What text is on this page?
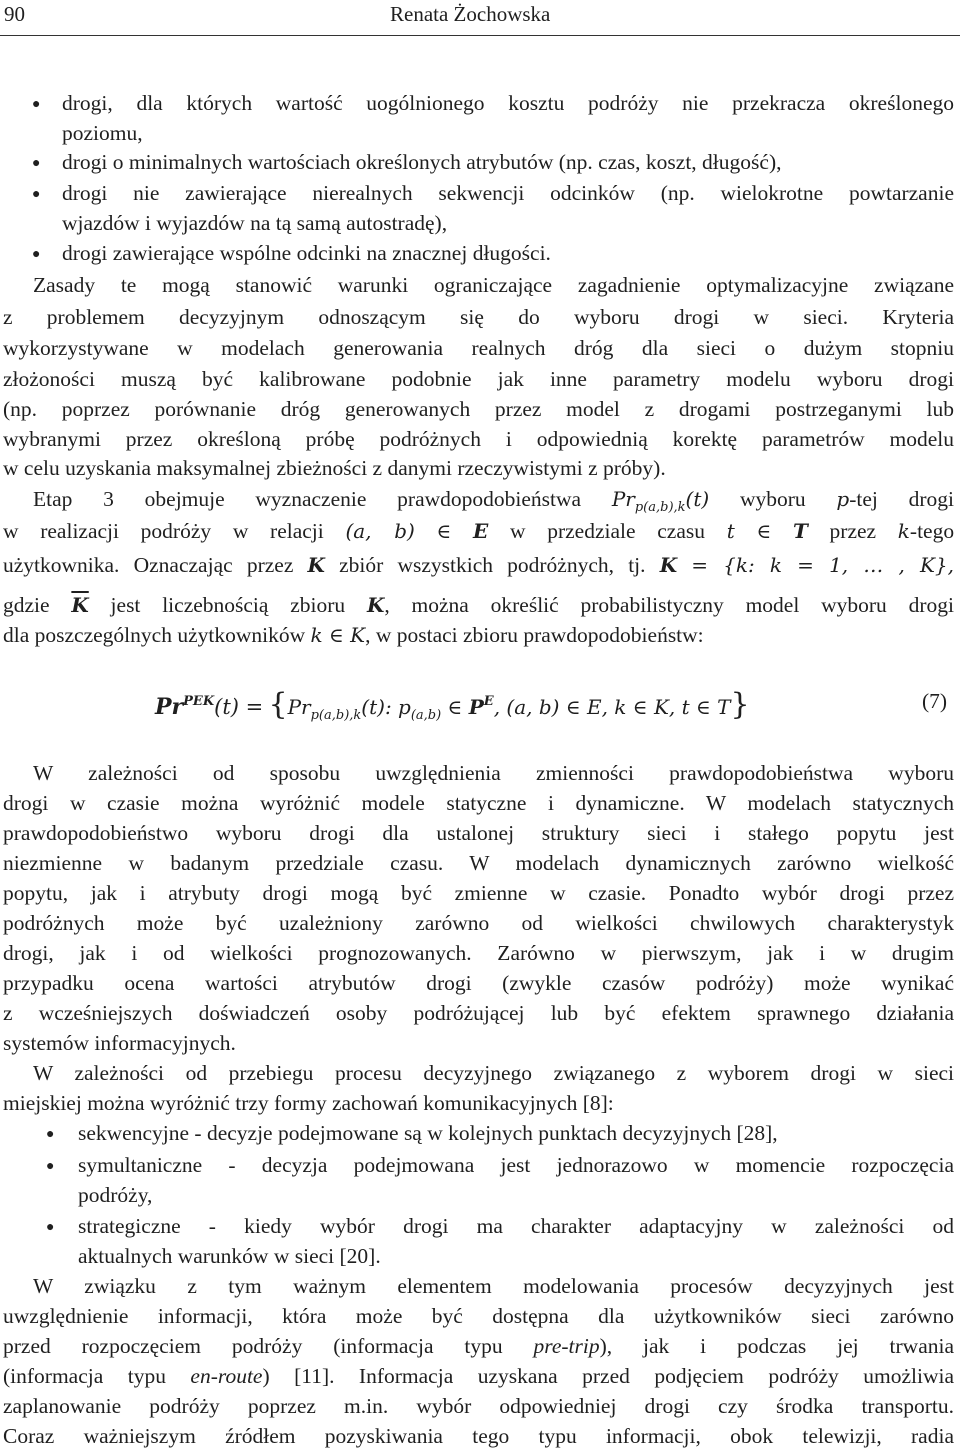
90	Renata Żochowska
● drogi, dla których wartość uogólnionego kosztu podróży nie przekracza określonego
poziomu,
● drogi o minimalnych wartościach określonych atrybutów (np. czas, koszt, długość),
● drogi nie zawierające nierealnych sekwencji odcinków (np. wielokrotne powtarzanie
wjazdów i wyjazdów na tą samą autostradę),
● drogi zawierające wspólne odcinki na znacznej długości.
Zasady te mogą stanowić warunki ograniczające zagadnienie optymalizacyjne związane
z problemem decyzyjnym odnoszącym się do wyboru drogi w sieci. Kryteria
wykorzystywane w modelach generowania realnych dróg dla sieci o dużym stopniu
złożoności muszą być kalibrowane podobnie jak inne parametry modelu wyboru drogi
(np. poprzez porównanie dróg generowanych przez model z drogami postrzeganymi lub
wybranymi przez określoną próbę podróżnych i odpowiednią korektę parametrów modelu
w celu uzyskania maksymalnej zbieżności z danymi rzeczywistymi z próby).
Etap 3 obejmuje wyznaczenie prawdopodobieństwa $Pr_{p(a,b),k}(t)$ wyboru p-tej drogi
w realizacji podróży w relacji (a, b) ∈ E w przedziale czasu t ∈ T przez k-tego
użytkownika. Oznaczając przez K zbiór wszystkich podróżnych, tj. K = {k: k = 1, … , K},
gdzie $\overline{K}$ jest liczebnością zbioru K, można określić probabilistyczny model wyboru drogi
dla poszczególnych użytkowników k ∈ K, w postaci zbioru prawdopodobieństw:
$Pr^{PEK}(t) = \{Pr_{p(a,b),k}(t)$: $p_{(a,b)}$ ∈ $P^E$, (a, b) ∈ E, k ∈ K, t ∈ T}	(7)
W zależności od sposobu uwzględnienia zmienności prawdopodobieństwa wyboru
drogi w czasie można wyróżnić modele statyczne i dynamiczne. W modelach statycznych
prawdopodobieństwo wyboru drogi dla ustalonej struktury sieci i stałego popytu jest
niezmienne w badanym przedziale czasu. W modelach dynamicznych zarówno wielkość
popytu, jak i atrybuty drogi mogą być zmienne w czasie. Ponadto wybór drogi przez
podróżnych może być uzależniony zarówno od wielkości chwilowych charakterystyk
drogi, jak i od wielkości prognozowanych. Zarówno w pierwszym, jak i w drugim
przypadku ocena wartości atrybutów drogi (zwykle czasów podróży) może wynikać
z wcześniejszych doświadczeń osoby podróżującej lub być efektem sprawnego działania
systemów informacyjnych.
W zależności od przebiegu procesu decyzyjnego związanego z wyborem drogi w sieci
miejskiej można wyróżnić trzy formy zachowań komunikacyjnych [8]:
● sekwencyjne - decyzje podejmowane są w kolejnych punktach decyzyjnych [28],
● symultaniczne - decyzja podejmowana jest jednorazowo w momencie rozpoczęcia
podróży,
● strategiczne - kiedy wybór drogi ma charakter adaptacyjny w zależności od
aktualnych warunków w sieci [20].
W związku z tym ważnym elementem modelowania procesów decyzyjnych jest
uwzględnienie informacji, która może być dostępna dla użytkowników sieci zarówno
przed rozpoczęciem podróży (informacja typu pre-trip), jak i podczas jej trwania
(informacja typu en-route) [11]. Informacja uzyskana przed podjęciem podróży umożliwia
zaplanowanie podróży poprzez m.in. wybór odpowiedniej drogi czy środka transportu.
Coraz ważniejszym źródłem pozyskiwania tego typu informacji, obok telewizji, radia
